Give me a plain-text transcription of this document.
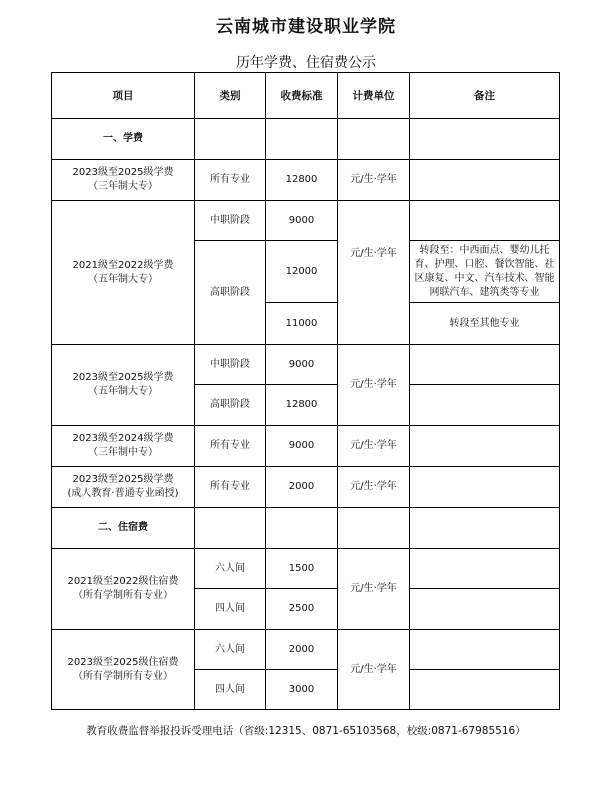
云南城市建设职业学院
历年学费、住宿费公示
项目	类别	收费标准	计费单位	备注
一、学费				

2023级至2025级学费
（三年制大专）	所有专业	12800	元/生·学年	

2021级至2022级学费
（五年制大专）	中职阶段	9000	元/生·学年	
	高职阶段	12000		转段至：中西面点、婴幼儿托育、护理、口腔、餐饮智能、社区康复、中文、汽车技术、智能网联汽车、建筑类等专业
		11000		转段至其他专业

2023级至2025级学费
（五年制大专）	中职阶段	9000	元/生·学年	
	高职阶段	12800		

2023级至2024级学费
（三年制中专）	所有专业	9000	元/生·学年	

2023级至2025级学费
(成人教育·普通专业函授)	所有专业	2000	元/生·学年	
二、住宿费				

2021级至2022级住宿费
（所有学制所有专业）	六人间	1500	元/生·学年	
	四人间	2500		

2023级至2025级住宿费
（所有学制所有专业）	六人间	2000	元/生·学年	
	四人间	3000		
教育收费监督举报投诉受理电话（省级:12315、0871-65103568，校级:0871-67985516）
